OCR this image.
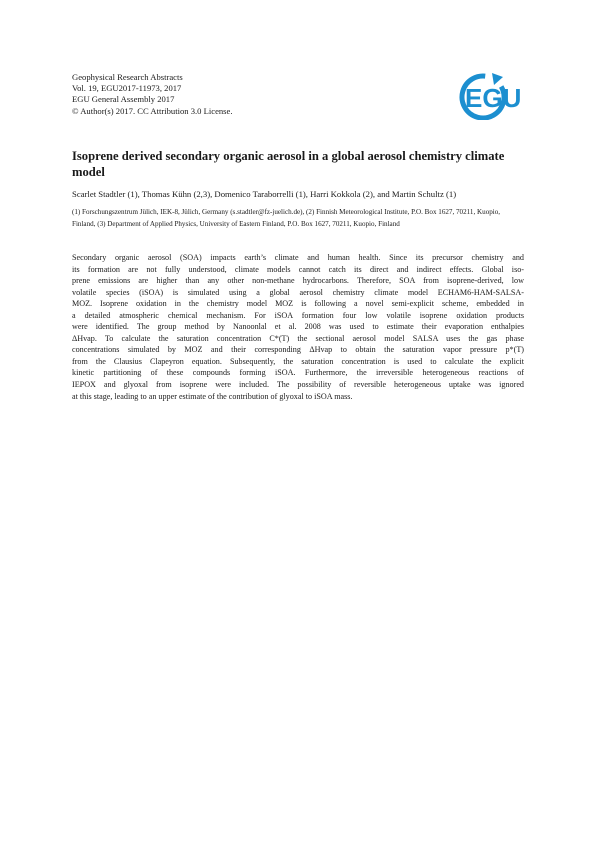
Geophysical Research Abstracts
Vol. 19, EGU2017-11973, 2017
EGU General Assembly 2017
© Author(s) 2017. CC Attribution 3.0 License.	EGU
Isoprene derived secondary organic aerosol in a global aerosol chemistry climate model
Scarlet Stadtler (1), Thomas Kühn (2,3), Domenico Taraborrelli (1), Harri Kokkola (2), and Martin Schultz (1)
(1) Forschungszentrum Jülich, IEK-8, Jülich, Germany (s.stadtler@fz-juelich.de), (2) Finnish Meteorological Institute, P.O. Box 1627, 70211, Kuopio, Finland, (3) Department of Applied Physics, University of Eastern Finland, P.O. Box 1627, 70211, Kuopio, Finland
Secondary organic aerosol (SOA) impacts earth’s climate and human health. Since its precursor chemistry and
its formation are not fully understood, climate models cannot catch its direct and indirect effects. Global iso-
prene emissions are higher than any other non-methane hydrocarbons. Therefore, SOA from isoprene-derived, low
volatile species (iSOA) is simulated using a global aerosol chemistry climate model ECHAM6-HAM-SALSA-
MOZ. Isoprene oxidation in the chemistry model MOZ is following a novel semi-explicit scheme, embedded in
a detailed atmospheric chemical mechanism. For iSOA formation four low volatile isoprene oxidation products
were identified. The group method by Nanoonlal et al. 2008 was used to estimate their evaporation enthalpies
ΔHvap. To calculate the saturation concentration C*(T) the sectional aerosol model SALSA uses the gas phase
concentrations simulated by MOZ and their corresponding ΔHvap to obtain the saturation vapor pressure p*(T)
from the Clausius Clapeyron equation. Subsequently, the saturation concentration is used to calculate the explicit
kinetic partitioning of these compounds forming iSOA. Furthermore, the irreversible heterogeneous reactions of
IEPOX and glyoxal from isoprene were included. The possibility of reversible heterogeneous uptake was ignored
at this stage, leading to an upper estimate of the contribution of glyoxal to iSOA mass.
